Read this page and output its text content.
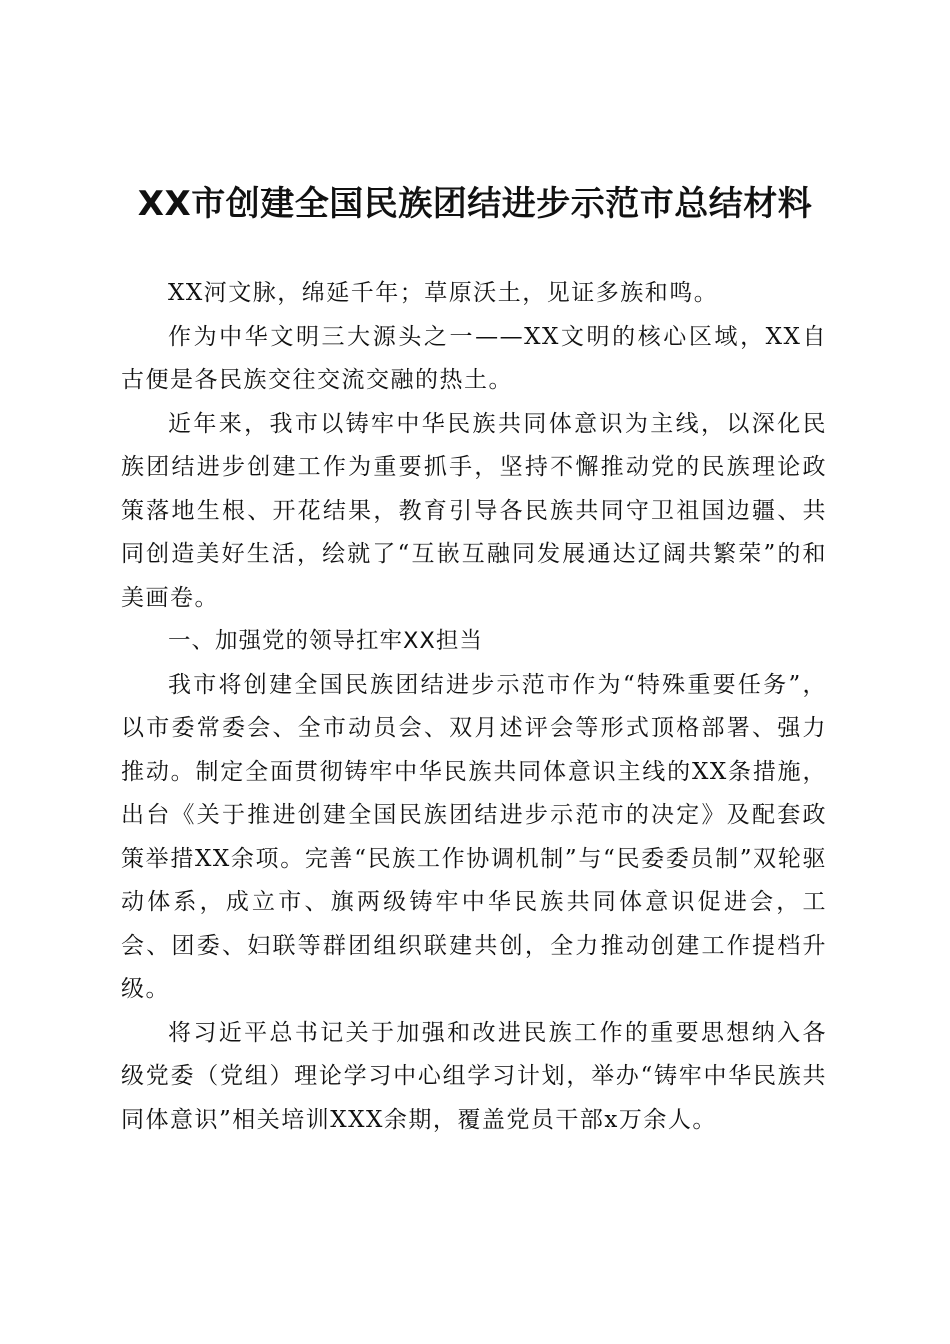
XX市创建全国民族团结进步示范市总结材料

XX河文脉，绵延千年；草原沃土，见证多族和鸣。

作为中华文明三大源头之一——XX文明的核心区域，XX自古便是各民族交往交流交融的热土。

近年来，我市以铸牢中华民族共同体意识为主线，以深化民族团结进步创建工作为重要抓手，坚持不懈推动党的民族理论政策落地生根、开花结果，教育引导各民族共同守卫祖国边疆、共同创造美好生活，绘就了“互嵌互融同发展通达辽阔共繁荣”的和美画卷。

一、加强党的领导扛牢XX担当

我市将创建全国民族团结进步示范市作为“特殊重要任务”，以市委常委会、全市动员会、双月述评会等形式顶格部署、强力推动。制定全面贯彻铸牢中华民族共同体意识主线的XX条措施，出台《关于推进创建全国民族团结进步示范市的决定》及配套政策举措XX余项。完善“民族工作协调机制”与“民委委员制”双轮驱动体系，成立市、旗两级铸牢中华民族共同体意识促进会，工会、团委、妇联等群团组织联建共创，全力推动创建工作提档升级。

将习近平总书记关于加强和改进民族工作的重要思想纳入各级党委（党组）理论学习中心组学习计划，举办“铸牢中华民族共同体意识”相关培训XXX余期，覆盖党员干部x万余人。
